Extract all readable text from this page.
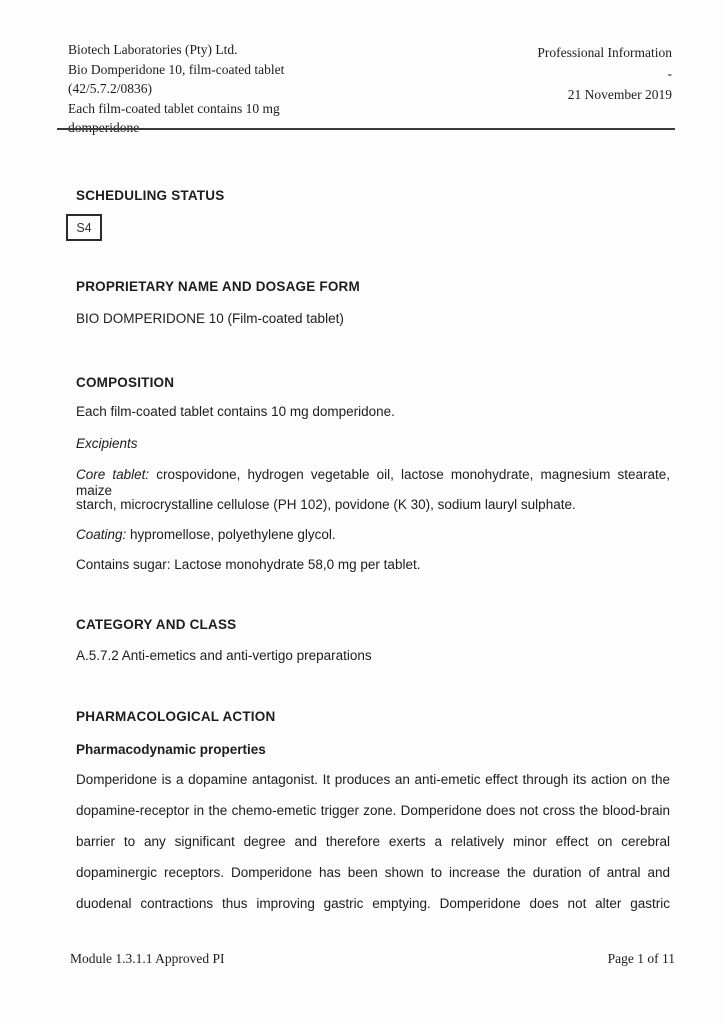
Biotech Laboratories (Pty) Ltd.
Bio Domperidone 10, film-coated tablet
(42/5.7.2/0836)
Each film-coated tablet contains 10 mg
Professional Information
-
21 November 2019
SCHEDULING STATUS
S4
PROPRIETARY NAME AND DOSAGE FORM
BIO DOMPERIDONE 10 (Film-coated tablet)
COMPOSITION
Each film-coated tablet contains 10 mg domperidone.
Excipients
Core tablet: crospovidone, hydrogen vegetable oil, lactose monohydrate, magnesium stearate, maize
starch, microcrystalline cellulose (PH 102), povidone (K 30), sodium lauryl sulphate.
Coating: hypromellose, polyethylene glycol.
Contains sugar: Lactose monohydrate 58,0 mg per tablet.
CATEGORY AND CLASS
A.5.7.2 Anti-emetics and anti-vertigo preparations
PHARMACOLOGICAL ACTION
Pharmacodynamic properties
Domperidone is a dopamine antagonist. It produces an anti-emetic effect through its action on the
dopamine-receptor in the chemo-emetic trigger zone. Domperidone does not cross the blood-brain
barrier to any significant degree and therefore exerts a relatively minor effect on cerebral
dopaminergic receptors. Domperidone has been shown to increase the duration of antral and
duodenal contractions thus improving gastric emptying. Domperidone does not alter gastric
Module 1.3.1.1 Approved PI	Page 1 of 11
